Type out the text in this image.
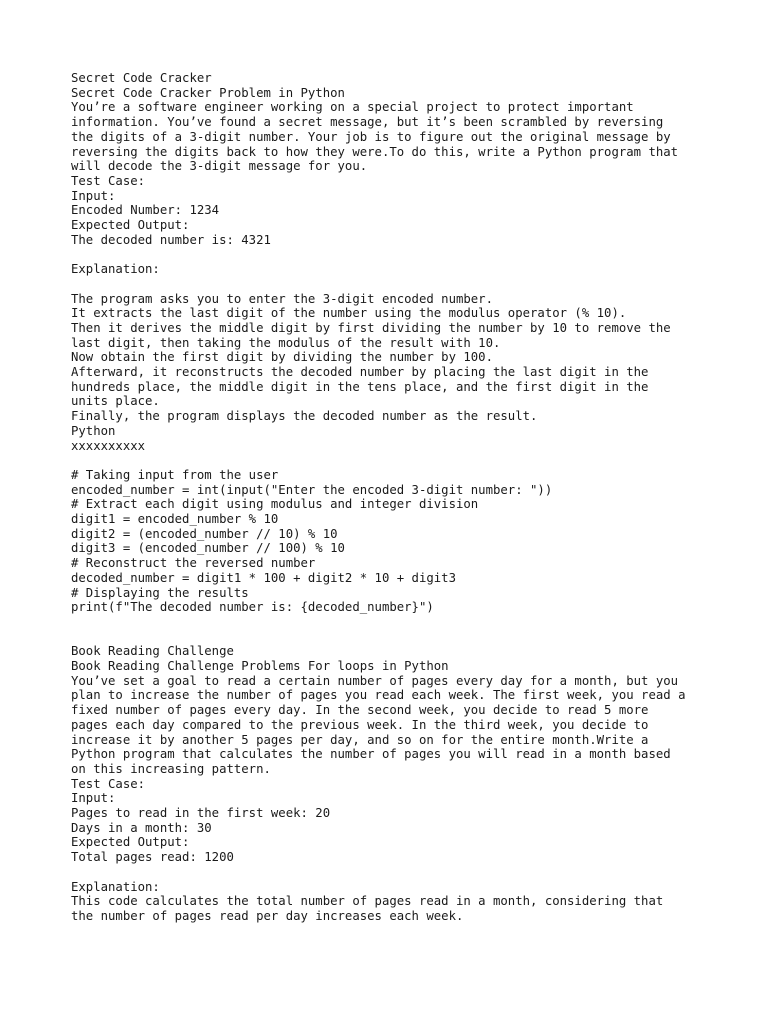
Secret Code Cracker
Secret Code Cracker Problem in Python
You’re a software engineer working on a special project to protect important
information. You’ve found a secret message, but it’s been scrambled by reversing
the digits of a 3-digit number. Your job is to figure out the original message by
reversing the digits back to how they were.To do this, write a Python program that
will decode the 3-digit message for you.
Test Case:
Input:
Encoded Number: 1234
Expected Output:
The decoded number is: 4321
Explanation:
The program asks you to enter the 3-digit encoded number.
It extracts the last digit of the number using the modulus operator (% 10).
Then it derives the middle digit by first dividing the number by 10 to remove the
last digit, then taking the modulus of the result with 10.
Now obtain the first digit by dividing the number by 100.
Afterward, it reconstructs the decoded number by placing the last digit in the
hundreds place, the middle digit in the tens place, and the first digit in the
units place.
Finally, the program displays the decoded number as the result.
Python
xxxxxxxxxx
# Taking input from the user
encoded_number = int(input("Enter the encoded 3-digit number: "))
# Extract each digit using modulus and integer division
digit1 = encoded_number % 10
digit2 = (encoded_number // 10) % 10
digit3 = (encoded_number // 100) % 10
# Reconstruct the reversed number
decoded_number = digit1 * 100 + digit2 * 10 + digit3
# Displaying the results
print(f"The decoded number is: {decoded_number}")
Book Reading Challenge
Book Reading Challenge Problems For loops in Python
You’ve set a goal to read a certain number of pages every day for a month, but you
plan to increase the number of pages you read each week. The first week, you read a
fixed number of pages every day. In the second week, you decide to read 5 more
pages each day compared to the previous week. In the third week, you decide to
increase it by another 5 pages per day, and so on for the entire month.Write a
Python program that calculates the number of pages you will read in a month based
on this increasing pattern.
Test Case:
Input:
Pages to read in the first week: 20
Days in a month: 30
Expected Output:
Total pages read: 1200
Explanation:
This code calculates the total number of pages read in a month, considering that
the number of pages read per day increases each week.
